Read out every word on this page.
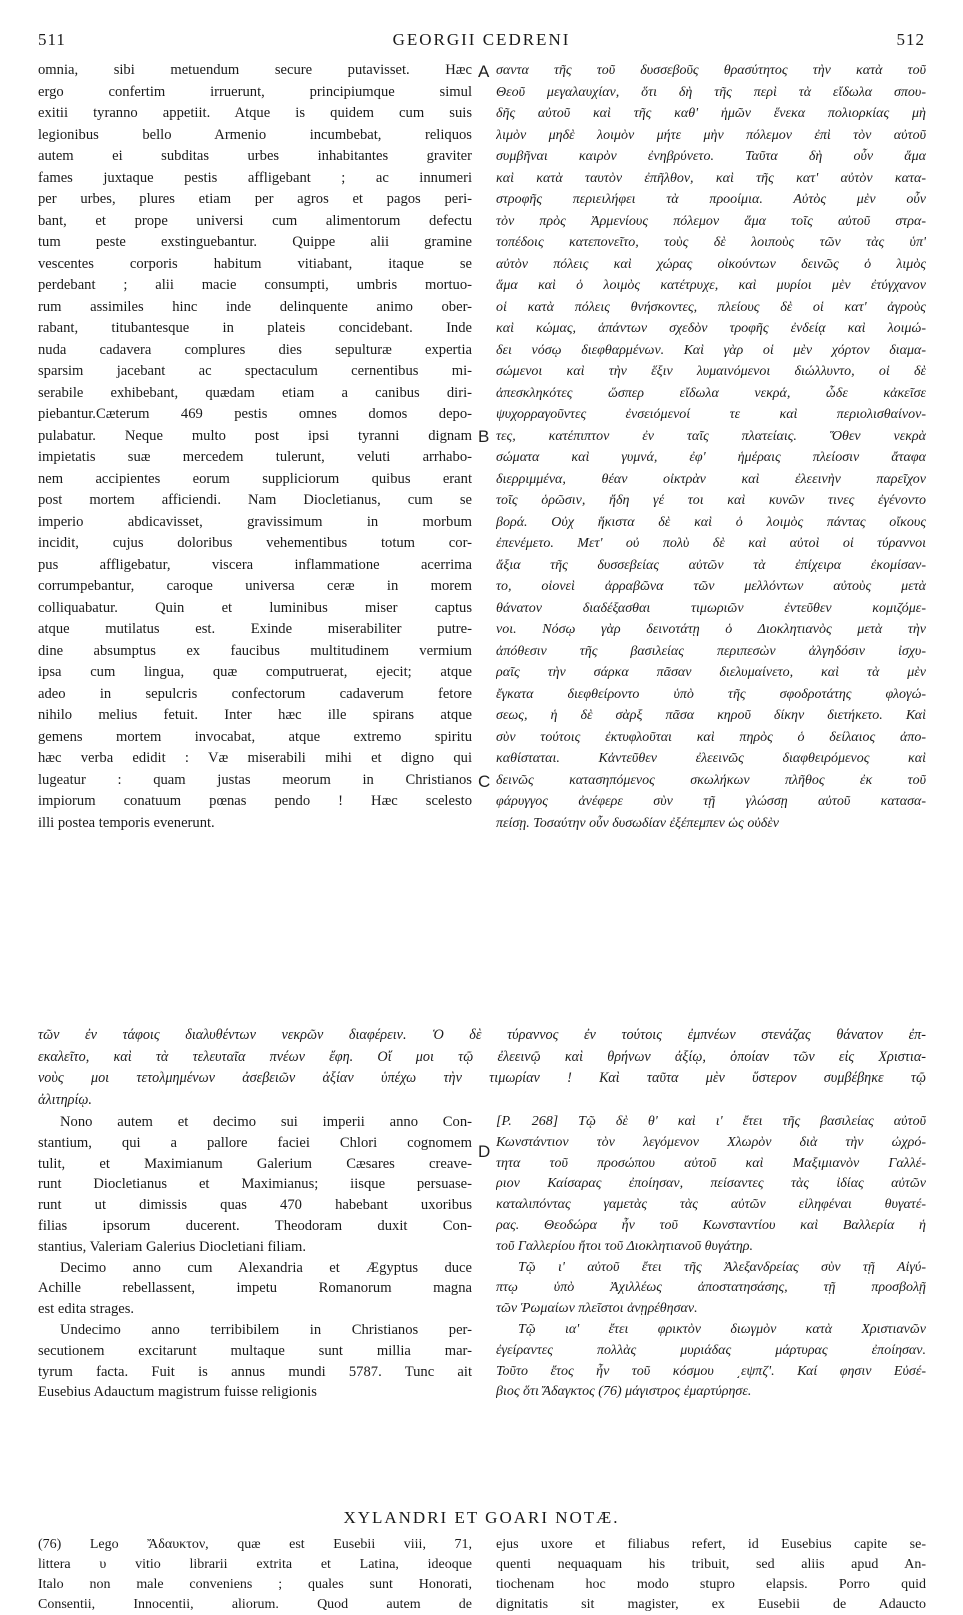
511	GEORGII CEDRENI	512
omnia, sibi metuendum secure putavisset. Hæc
ergo confertim irruerunt, principiumque simul
exitii tyranno appetiit. Atque is quidem cum suis
legionibus bello Armenio incumbebat, reliquos
autem ei subditas urbes inhabitantes graviter
fames juxtaque pestis affligebant ; ac innumeri
per urbes, plures etiam per agros et pagos peri-
bant, et prope universi cum alimentorum defectu
tum peste exstinguebantur. Quippe alii gramine
vescentes corporis habitum vitiabant, itaque se
perdebant ; alii macie consumpti, umbris mortuo-
rum assimiles hinc inde delinquente animo ober-
rabant, titubantesque in plateis concidebant. Inde
nuda cadavera complures dies sepulturæ expertia
sparsim jacebant ac spectaculum cernentibus mi-
serabile exhibebant, quædam etiam a canibus diri-
piebantur.Cæterum 469 pestis omnes domos depo-
pulabatur. Neque multo post ipsi tyranni dignam
impietatis suæ mercedem tulerunt, veluti arrhabo-
nem accipientes eorum suppliciorum quibus erant
post mortem afficiendi. Nam Diocletianus, cum se
imperio abdicavisset, gravissimum in morbum
incidit, cujus doloribus vehementibus totum cor-
pus affligebatur, viscera inflammatione acerrima
corrumpebantur, caroque universa ceræ in morem
colliquabatur. Quin et luminibus miser captus
atque mutilatus est. Exinde miserabiliter putre-
dine absumptus ex faucibus multitudinem vermium
ipsa cum lingua, quæ computruerat, ejecit; atque
adeo in sepulcris confectorum cadaverum fetore
nihilo melius fetuit. Inter hæc ille spirans atque
gemens mortem invocabat, atque extremo spiritu
hæc verba edidit : Væ miserabili mihi et digno qui
lugeatur : quam justas meorum in Christianos
impiorum conatuum pœnas pendo ! Hæc scelesto
illi postea temporis evenerunt.
σαντα τῆς τοῦ δυσσεβοῦς θρασύτητος τὴν κατὰ τοῦ
Θεοῦ μεγαλαυχίαν, ὅτι δὴ τῆς περὶ τὰ εἴδωλα σπου-
δῆς αὐτοῦ καὶ τῆς καθ' ἡμῶν ἕνεκα πολιορκίας μὴ
λιμὸν μηδὲ λοιμὸν μήτε μὴν πόλεμον ἐπὶ τὸν αὐτοῦ
συμβῆναι καιρὸν ἐνηβρύνετο. Ταῦτα δὴ οὖν ἅμα
καὶ κατὰ ταυτὸν ἐπῆλθον, καὶ τῆς κατ' αὐτὸν κατα-
στροφῆς περιειλήφει τὰ προοίμια. Αὐτὸς μὲν οὖν
τὸν πρὸς Ἀρμενίους πόλεμον ἅμα τοῖς αὐτοῦ στρα-
τοπέδοις κατεπονεῖτο, τοὺς δὲ λοιποὺς τῶν τὰς ὑπ'
αὐτὸν πόλεις καὶ χώρας οἰκούντων δεινῶς ὁ λιμὸς
ἅμα καὶ ὁ λοιμὸς κατέτρυχε, καὶ μυρίοι μὲν ἐτύγχανον
οἱ κατὰ πόλεις θνήσκοντες, πλείους δὲ οἱ κατ' ἀγροὺς
καὶ κώμας, ἁπάντων σχεδὸν τροφῆς ἐνδείᾳ καὶ λοιμώ-
δει νόσῳ διεφθαρμένων. Καὶ γὰρ οἱ μὲν χόρτον διαμα-
σώμενοι καὶ τὴν ἕξιν λυμαινόμενοι διώλλυντο, οἱ δὲ
ἀπεσκληκότες ὥσπερ εἴδωλα νεκρά, ὧδε κἀκεῖσε
ψυχορραγοῦντες ἐνσειόμενοί τε καὶ περιολισθαίνον-
τες, κατέπιπτον ἐν ταῖς πλατείαις. Ὅθεν νεκρὰ
σώματα καὶ γυμνά, ἐφ' ἡμέραις πλείοσιν ἄταφα
διερριμμένα, θέαν οἰκτρὰν καὶ ἐλεεινὴν παρεῖχον
τοῖς ὁρῶσιν, ἤδη γέ τοι καὶ κυνῶν τινες ἐγένοντο
βορά. Οὐχ ἥκιστα δὲ καὶ ὁ λοιμὸς πάντας οἴκους
ἐπενέμετο. Μετ' οὐ πολὺ δὲ καὶ αὐτοὶ οἱ τύραννοι
ἄξια τῆς δυσσεβείας αὐτῶν τὰ ἐπίχειρα ἐκομίσαν-
το, οἱονεὶ ἀρραβῶνα τῶν μελλόντων αὐτοὺς μετὰ
θάνατον διαδέξασθαι τιμωριῶν ἐντεῦθεν κομιζόμε-
νοι. Νόσῳ γὰρ δεινοτάτῃ ὁ Διοκλητιανὸς μετὰ τὴν
ἀπόθεσιν τῆς βασιλείας περιπεσὼν ἀλγηδόσιν ἰσχυ-
ραῖς τὴν σάρκα πᾶσαν διελυμαίνετο, καὶ τὰ μὲν
ἔγκατα διεφθείροντο ὑπὸ τῆς σφοδροτάτης φλογώ-
σεως, ἡ δὲ σὰρξ πᾶσα κηροῦ δίκην διετήκετο. Καὶ
σὺν τούτοις ἐκτυφλοῦται καὶ πηρὸς ὁ δείλαιος ἀπο-
καθίσταται. Κἀντεῦθεν ἐλεεινῶς διαφθειρόμενος καὶ
δεινῶς κατασηπόμενος σκωλήκων πλῆθος ἐκ τοῦ
φάρυγγος ἀνέφερε σὺν τῇ γλώσσῃ αὐτοῦ κατασα-
πείσῃ. Τοσαύτην οὖν δυσωδίαν ἐξέπεμπεν ὡς οὐδὲν
A
B
C
D
τῶν ἐν τάφοις διαλυθέντων νεκρῶν διαφέρειν. Ὁ δὲ τύραννος ἐν τούτοις ἐμπνέων στενάζας θάνατον ἐπ-
εκαλεῖτο, καὶ τὰ τελευταῖα πνέων ἔφη. Οἴ μοι τῷ ἐλεεινῷ καὶ θρήνων ἀξίῳ, ὁποίαν τῶν εἰς Χριστια-
νοὺς μοι τετολμημένων ἀσεβειῶν ἀξίαν ὑπέχω τὴν τιμωρίαν ! Καὶ ταῦτα μὲν ὕστερον συμβέβηκε τῷ
ἀλιτηρίῳ.
Nono autem et decimo sui imperii anno Con-
stantium, qui a pallore faciei Chlori cognomem
tulit, et Maximianum Galerium Cæsares creave-
runt Diocletianus et Maximianus; iisque persuase-
runt ut dimissis quas 470 habebant uxoribus
filias ipsorum ducerent. Theodoram duxit Con-
stantius, Valeriam Galerius Diocletiani filiam.
Decimo anno cum Alexandria et Ægyptus duce
Achille rebellassent, impetu Romanorum magna
est edita strages.
Undecimo anno terribibilem in Christianos per-
secutionem excitarunt multaque sunt millia mar-
tyrum facta. Fuit is annus mundi 5787. Tunc ait
Eusebius Adauctum magistrum fuisse religionis
[P. 268] Τῷ δὲ θ' καὶ ι' ἔτει τῆς βασιλείας αὐτοῦ
Κωνστάντιον τὸν λεγόμενον Χλωρὸν διὰ τὴν ὠχρό-
τητα τοῦ προσώπου αὐτοῦ καὶ Μαξιμιανὸν Γαλλέ-
ριον Καίσαρας ἐποίησαν, πείσαντες τὰς ἰδίας αὐτῶν
καταλιπόντας γαμετὰς τὰς αὐτῶν εἰληφέναι θυγατέ-
ρας. Θεοδώρα ἦν τοῦ Κωνσταντίου καὶ Βαλλερία ἡ
τοῦ Γαλλερίου ἤτοι τοῦ Διοκλητιανοῦ θυγάτηρ.
Τῷ ι' αὐτοῦ ἔτει τῆς Ἀλεξανδρείας σὺν τῇ Αἰγύ-
πτῳ ὑπὸ Ἀχιλλέως ἀποστατησάσης, τῇ προσβολῇ
τῶν Ῥωμαίων πλεῖστοι ἀνῃρέθησαν.
Τῷ ια' ἔτει φρικτὸν διωγμὸν κατὰ Χριστιανῶν
ἐγείραντες πολλὰς μυριάδας μάρτυρας ἐποίησαν.
Τοῦτο ἔτος ἦν τοῦ κόσμου ͵εψπζ'. Καί φησιν Εὐσέ-
βιος ὅτι Ἄδαγκτος (76) μάγιστρος ἐμαρτύρησε.
XYLANDRI ET GOARI NOTÆ.
(76) Lego Ἄδαυκτον, quæ est Eusebii viii, 71,
littera υ vitio librarii extrita et Latina, ideoque
Italo non male conveniens ; quales sunt Honorati,
Consentii, Innocentii, aliorum. Quod autem de
ejus uxore et filiabus refert, id Eusebius capite se-
quenti nequaquam his tribuit, sed aliis apud An-
tiochenam hoc modo stupro elapsis. Porro quid
dignitatis sit magister, ex Eusebii de Adaucto
